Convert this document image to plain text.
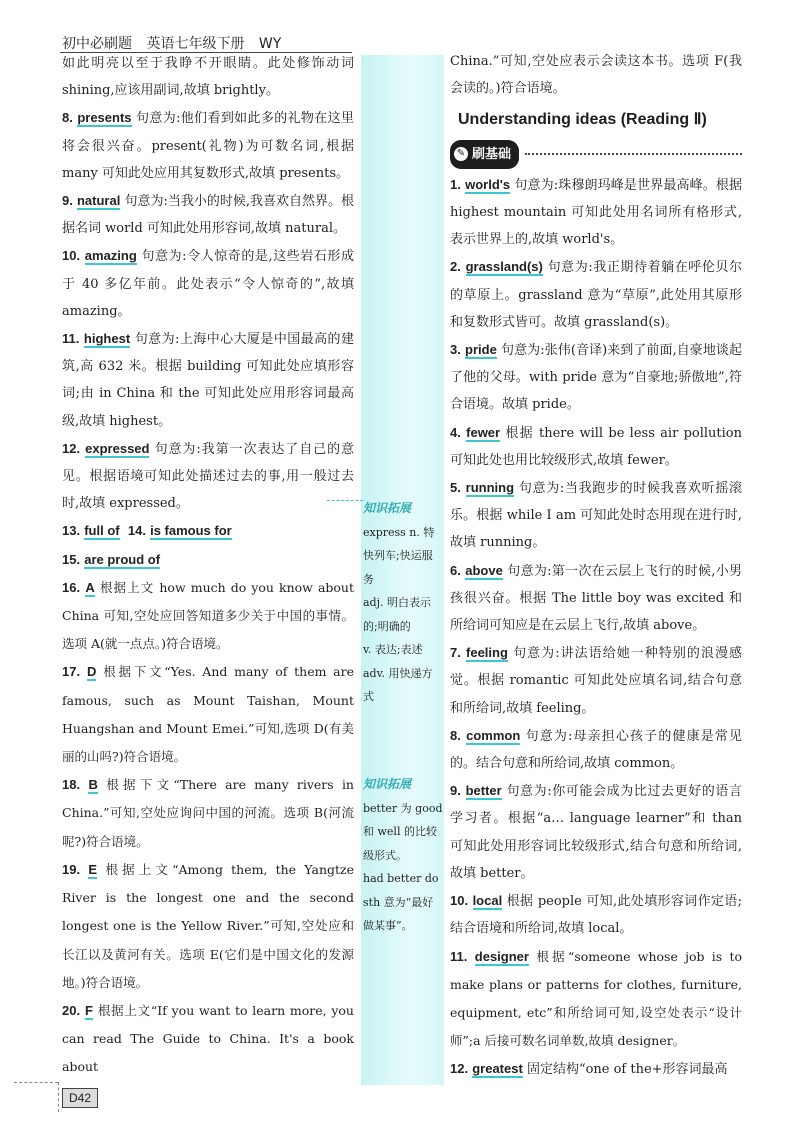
初中必刷题 英语七年级下册 WY
知识拓展
express n. 特快列车;快运服务
adj. 明白表示的;明确的
v. 表达;表述
adv. 用快递方式
知识拓展
better 为 good 和 well 的比较级形式。
had better do sth 意为“最好做某事”。

如此明亮以至于我睁不开眼睛。此处修饰动词 shining,应该用副词,故填 brightly。

8. presents 句意为:他们看到如此多的礼物在这里将会很兴奋。present(礼物)为可数名词,根据 many 可知此处应用其复数形式,故填 presents。

9. natural 句意为:当我小的时候,我喜欢自然界。根据名词 world 可知此处用形容词,故填 natural。

10. amazing 句意为:令人惊奇的是,这些岩石形成于 40 多亿年前。此处表示“令人惊奇的”,故填 amazing。

11. highest 句意为:上海中心大厦是中国最高的建筑,高 632 米。根据 building 可知此处应填形容词;由 in China 和 the 可知此处应用形容词最高级,故填 highest。

12. expressed 句意为:我第一次表达了自己的意见。根据语境可知此处描述过去的事,用一般过去时,故填 expressed。

13. full of 14. is famous for

15. are proud of

16. A 根据上文 how much do you know about China 可知,空处应回答知道多少关于中国的事情。选项 A(就一点点。)符合语境。

17. D 根据下文“Yes. And many of them are famous, such as Mount Taishan, Mount Huangshan and Mount Emei.”可知,选项 D(有美丽的山吗?)符合语境。

18. B 根据下文“There are many rivers in China.”可知,空处应询问中国的河流。选项 B(河流呢?)符合语境。

19. E 根据上文“Among them, the Yangtze River is the longest one and the second longest one is the Yellow River.”可知,空处应和长江以及黄河有关。选项 E(它们是中国文化的发源地。)符合语境。

20. F 根据上文“If you want to learn more, you can read The Guide to China. It's a book about

China.”可知,空处应表示会读这本书。选项 F(我会读的。)符合语境。

Understanding ideas (Reading Ⅱ)
✎ 刷基础

1. world's 句意为:珠穆朗玛峰是世界最高峰。根据 highest mountain 可知此处用名词所有格形式,表示世界上的,故填 world's。

2. grassland(s) 句意为:我正期待着躺在呼伦贝尔的草原上。grassland 意为“草原”,此处用其原形和复数形式皆可。故填 grassland(s)。

3. pride 句意为:张伟(音译)来到了前面,自豪地谈起了他的父母。with pride 意为“自豪地;骄傲地”,符合语境。故填 pride。

4. fewer 根据 there will be less air pollution 可知此处也用比较级形式,故填 fewer。

5. running 句意为:当我跑步的时候我喜欢听摇滚乐。根据 while I am 可知此处时态用现在进行时,故填 running。

6. above 句意为:第一次在云层上飞行的时候,小男孩很兴奋。根据 The little boy was excited 和所给词可知应是在云层上飞行,故填 above。

7. feeling 句意为:讲法语给她一种特别的浪漫感觉。根据 romantic 可知此处应填名词,结合句意和所给词,故填 feeling。

8. common 句意为:母亲担心孩子的健康是常见的。结合句意和所给词,故填 common。

9. better 句意为:你可能会成为比过去更好的语言学习者。根据“a… language learner”和 than 可知此处用形容词比较级形式,结合句意和所给词,故填 better。

10. local 根据 people 可知,此处填形容词作定语;结合语境和所给词,故填 local。

11. designer 根据“someone whose job is to make plans or patterns for clothes, furniture, equipment, etc”和所给词可知,设空处表示“设计师”;a 后接可数名词单数,故填 designer。

12. greatest 固定结构“one of the+形容词最高

D42
